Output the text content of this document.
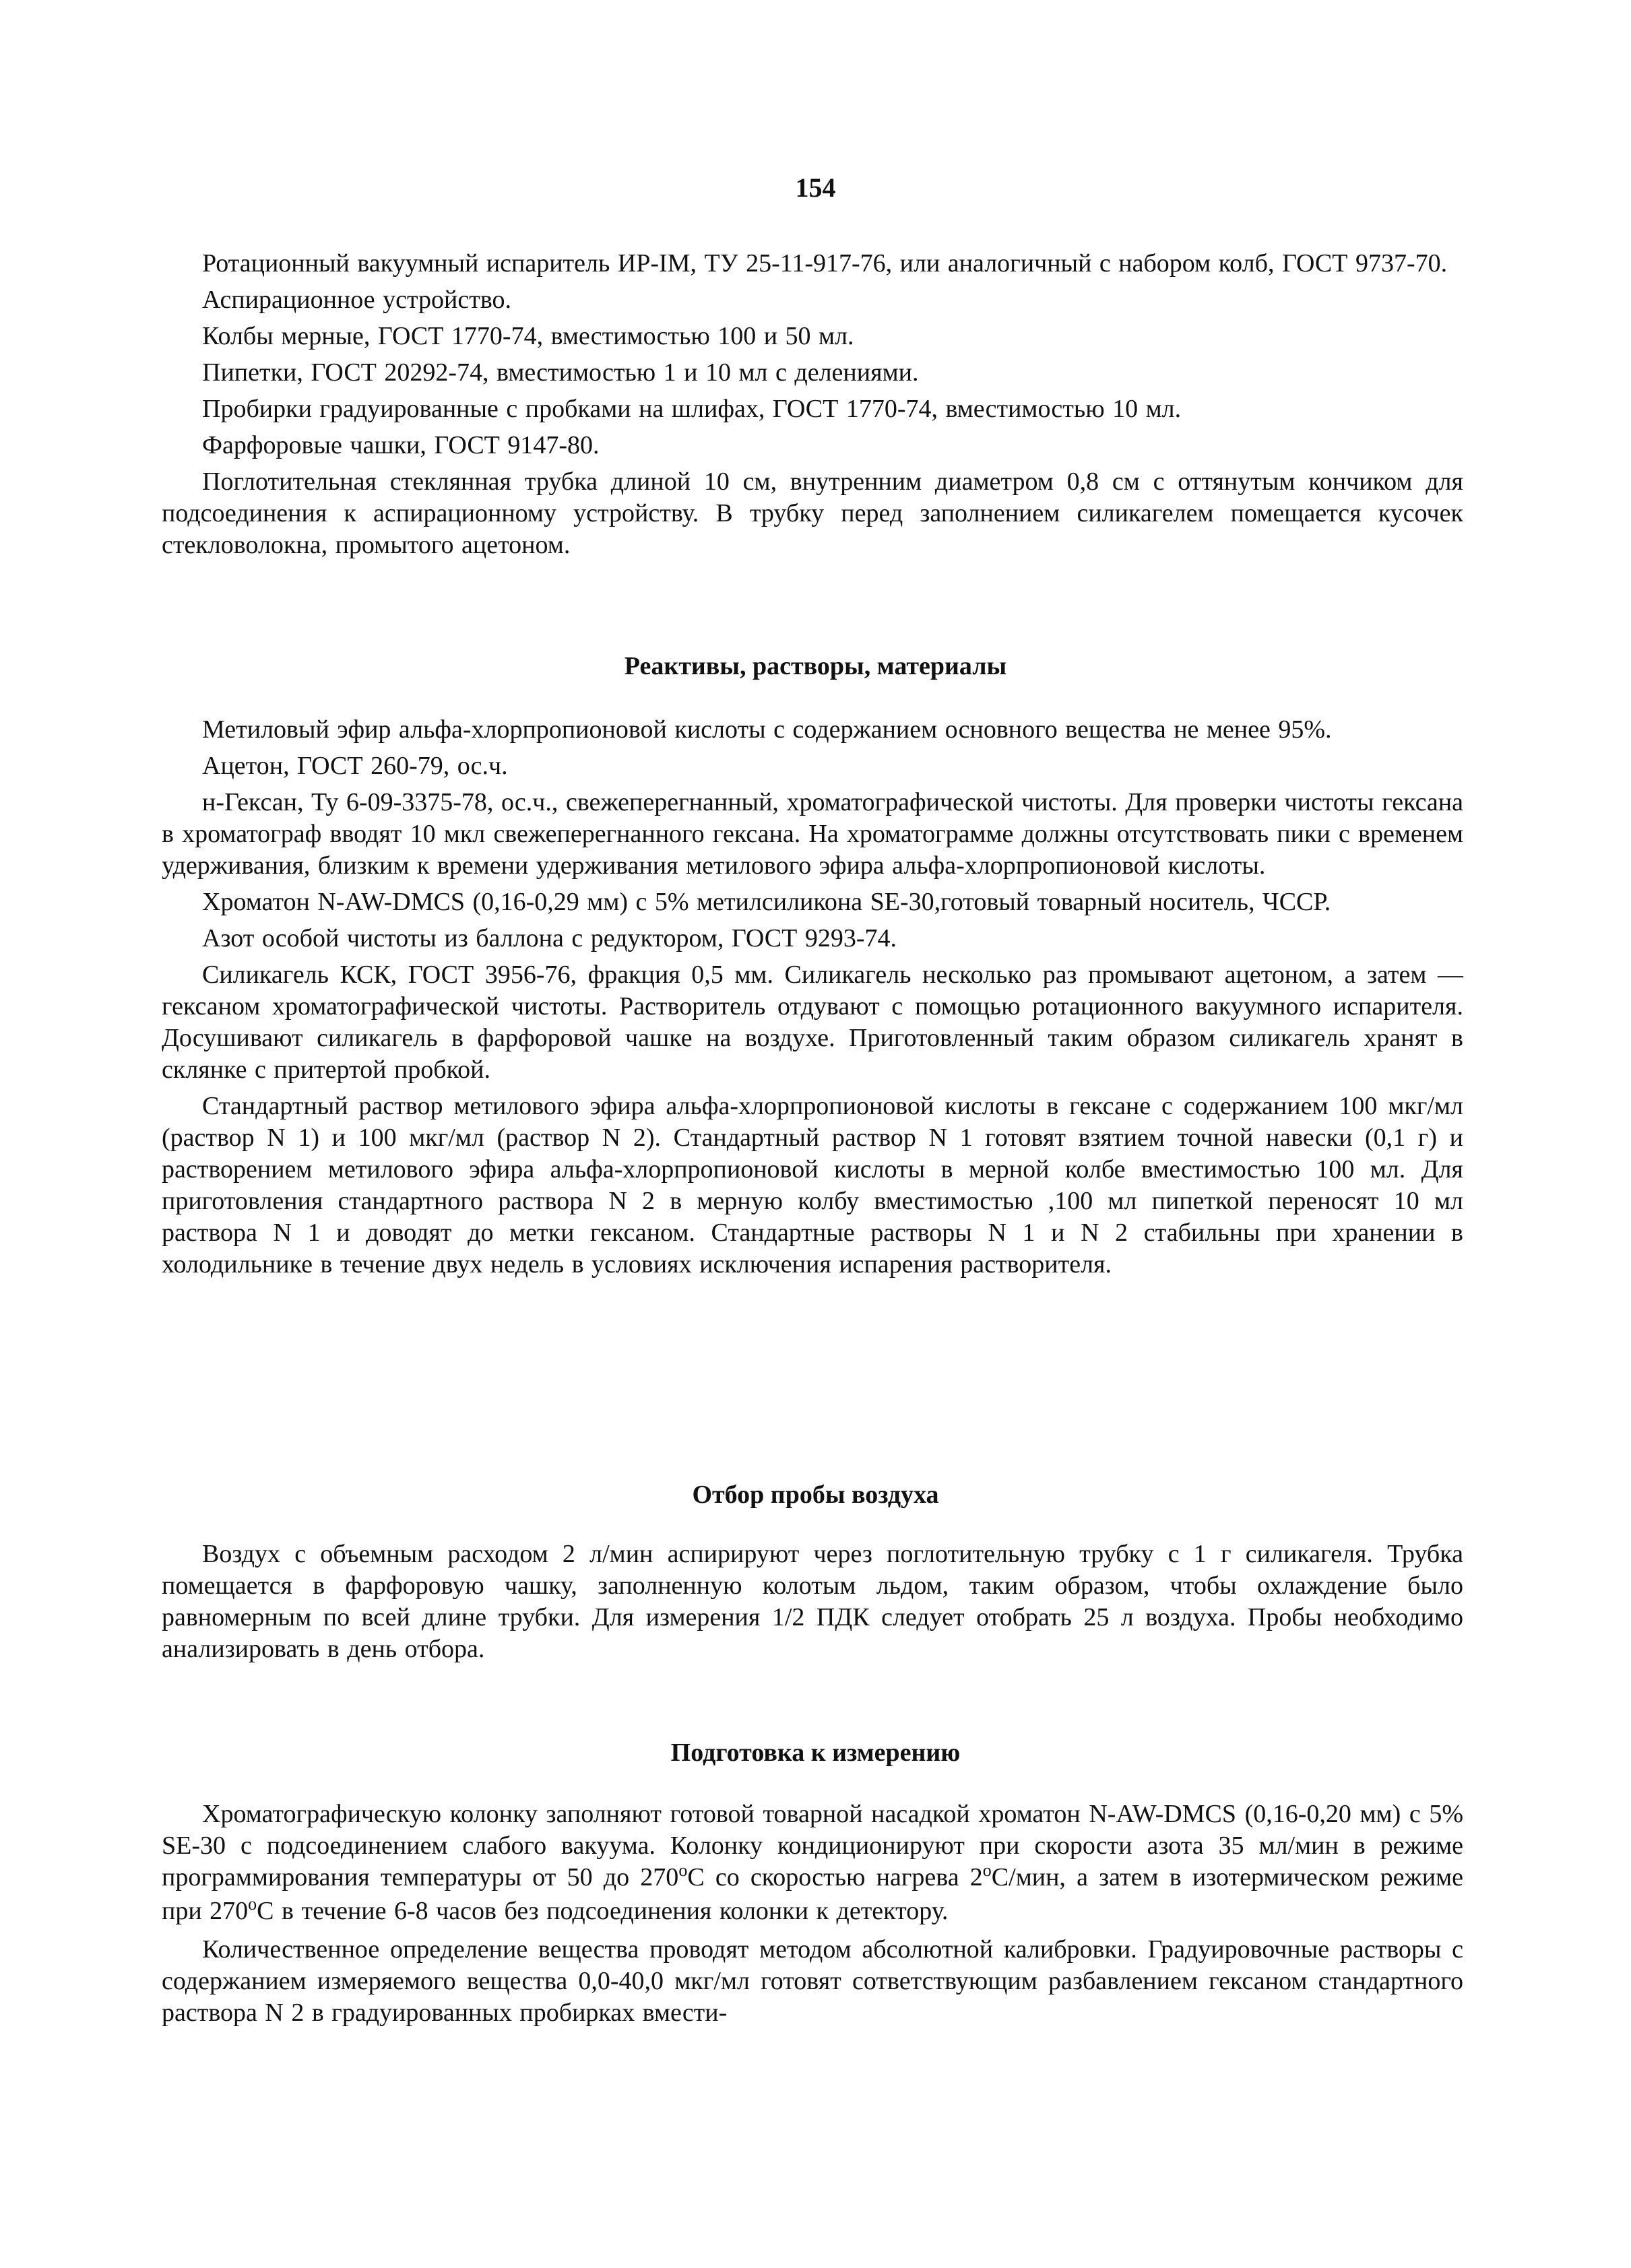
154

Ротационный вакуумный испаритель ИР-IM, ТУ 25-11-917-76, или аналогичный с набором колб, ГОСТ 9737-70.

Аспирационное устройство.

Колбы мерные, ГОСТ 1770-74, вместимостью 100 и 50 мл.

Пипетки, ГОСТ 20292-74, вместимостью 1 и 10 мл с делениями.

Пробирки градуированные с пробками на шлифах, ГОСТ 1770-74, вместимостью 10 мл.

Фарфоровые чашки, ГОСТ 9147-80.

Поглотительная стеклянная трубка длиной 10 см, внутренним диаметром 0,8 см с оттянутым кончиком для подсоединения к аспирационному устройству. В трубку перед заполнением силикагелем помещается кусочек стекловолокна, промытого ацетоном.

Реактивы, растворы, материалы

Метиловый эфир альфа-хлорпропионовой кислоты с содержанием основного вещества не менее 95%.

Ацетон, ГОСТ 260-79, ос.ч.

н-Гексан, Ту 6-09-3375-78, ос.ч., свежеперегнанный, хроматографической чистоты. Для проверки чистоты гексана в хроматограф вводят 10 мкл свежеперегнанного гексана. На хроматограмме должны отсутствовать пики с временем удерживания, близким к времени удерживания метилового эфира альфа-хлорпропионовой кислоты.

Хроматон N-AW-DMCS (0,16-0,29 мм) с 5% метилсиликона SE-30,готовый товарный носитель, ЧССР.

Азот особой чистоты из баллона с редуктором, ГОСТ 9293-74.

Силикагель КСК, ГОСТ 3956-76, фракция 0,5 мм. Силикагель несколько раз промывают ацетоном, а затем — гексаном хроматографической чистоты. Растворитель отдувают с помощью ротационного вакуумного испарителя. Досушивают силикагель в фарфоровой чашке на воздухе. Приготовленный таким образом силикагель хранят в склянке с притертой пробкой.

Стандартный раствор метилового эфира альфа-хлорпропионовой кислоты в гексане с содержанием 100 мкг/мл (раствор N 1) и 100 мкг/мл (раствор N 2). Стандартный раствор N 1 готовят взятием точной навески (0,1 г) и растворением метилового эфира альфа-хлорпропионовой кислоты в мерной колбе вместимостью 100 мл. Для приготовления стандартного раствора N 2 в мерную колбу вместимостью ,100 мл пипеткой переносят 10 мл раствора N 1 и доводят до метки гексаном. Стандартные растворы N 1 и N 2 стабильны при хранении в холодильнике в течение двух недель в условиях исключения испарения растворителя.

Отбор пробы воздуха

Воздух с объемным расходом 2 л/мин аспирируют через поглотительную трубку с 1 г силикагеля. Трубка помещается в фарфоровую чашку, заполненную колотым льдом, таким образом, чтобы охлаждение было равномерным по всей длине трубки. Для измерения 1/2 ПДК следует отобрать 25 л воздуха. Пробы необходимо анализировать в день отбора.

Подготовка к измерению

Хроматографическую колонку заполняют готовой товарной насадкой хроматон N-AW-DMCS (0,16-0,20 мм) с 5% SE-30 с подсоединением слабого вакуума. Колонку кондиционируют при скорости азота 35 мл/мин в режиме программирования температуры от 50 до $270^оС$ со скоростью нагрева $2^оС$/мин, а затем в изотермическом режиме при $270^оС$ в течение 6-8 часов без подсоединения колонки к детектору.

Количественное определение вещества проводят методом абсолютной калибровки. Градуировочные растворы с содержанием измеряемого вещества 0,0-40,0 мкг/мл готовят сответствующим разбавлением гексаном стандартного раствора N 2 в градуированных пробирках вмести-
